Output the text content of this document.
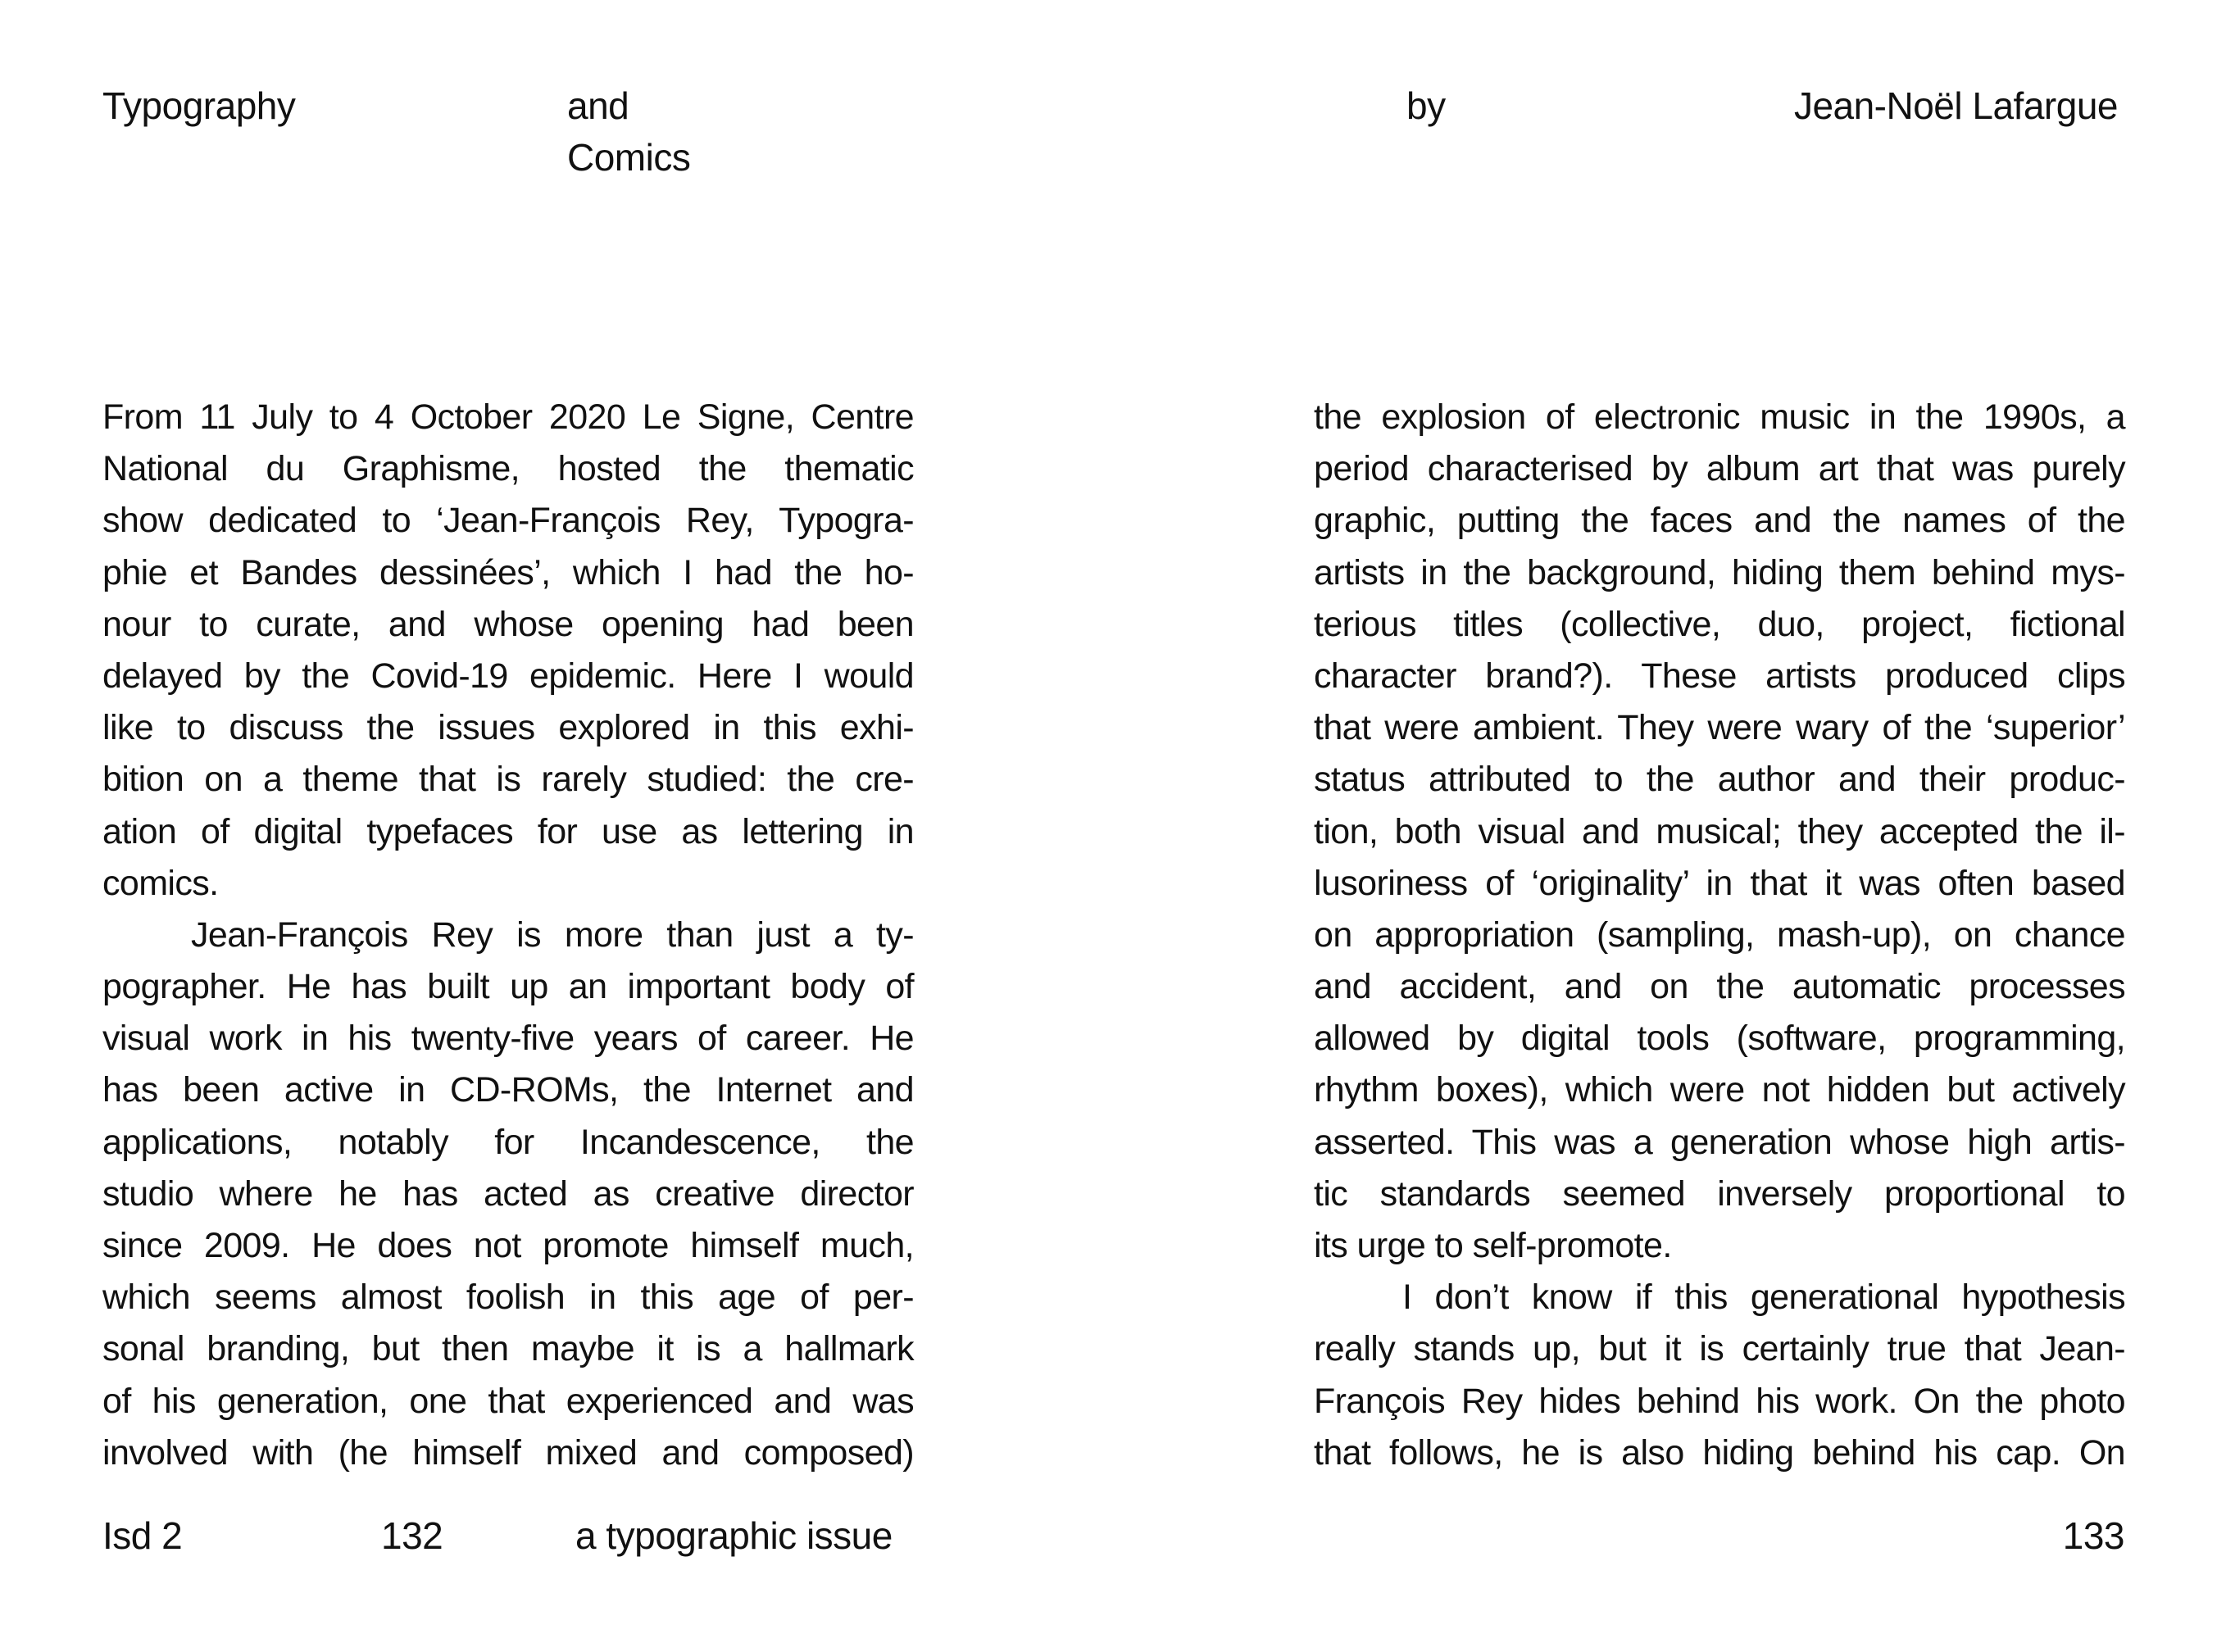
Typography	and
Comics
by	Jean-Noël Lafargue
From 11 July to 4 October 2020 Le Signe, Centre
National du Graphisme, hosted the thematic
show dedicated to ‘Jean-François Rey, Typogra-
phie et Bandes dessinées’, which I had the ho-
nour to curate, and whose opening had been
delayed by the Covid-19 epidemic. Here I would
like to discuss the issues explored in this exhi-
bition on a theme that is rarely studied: the cre-
ation of digital typefaces for use as lettering in
comics.
Jean-François Rey is more than just a ty-
pographer. He has built up an important body of
visual work in his twenty-five years of career. He
has been active in CD-ROMs, the Internet and
applications, notably for Incandescence, the
studio where he has acted as creative director
since 2009. He does not promote himself much,
which seems almost foolish in this age of per-
sonal branding, but then maybe it is a hallmark
of his generation, one that experienced and was
involved with (he himself mixed and composed)
the explosion of electronic music in the 1990s, a
period characterised by album art that was purely
graphic, putting the faces and the names of the
artists in the background, hiding them behind mys-
terious titles (collective, duo, project, fictional
character brand?). These artists produced clips
that were ambient. They were wary of the ‘superior’
status attributed to the author and their produc-
tion, both visual and musical; they accepted the il-
lusoriness of ‘originality’ in that it was often based
on appropriation (sampling, mash-up), on chance
and accident, and on the automatic processes
allowed by digital tools (software, programming,
rhythm boxes), which were not hidden but actively
asserted. This was a generation whose high artis-
tic standards seemed inversely proportional to
its urge to self-promote.
I don’t know if this generational hypothesis
really stands up, but it is certainly true that Jean-
François Rey hides behind his work. On the photo
that follows, he is also hiding behind his cap. On
Isd 2	132	a typographic issue	133
